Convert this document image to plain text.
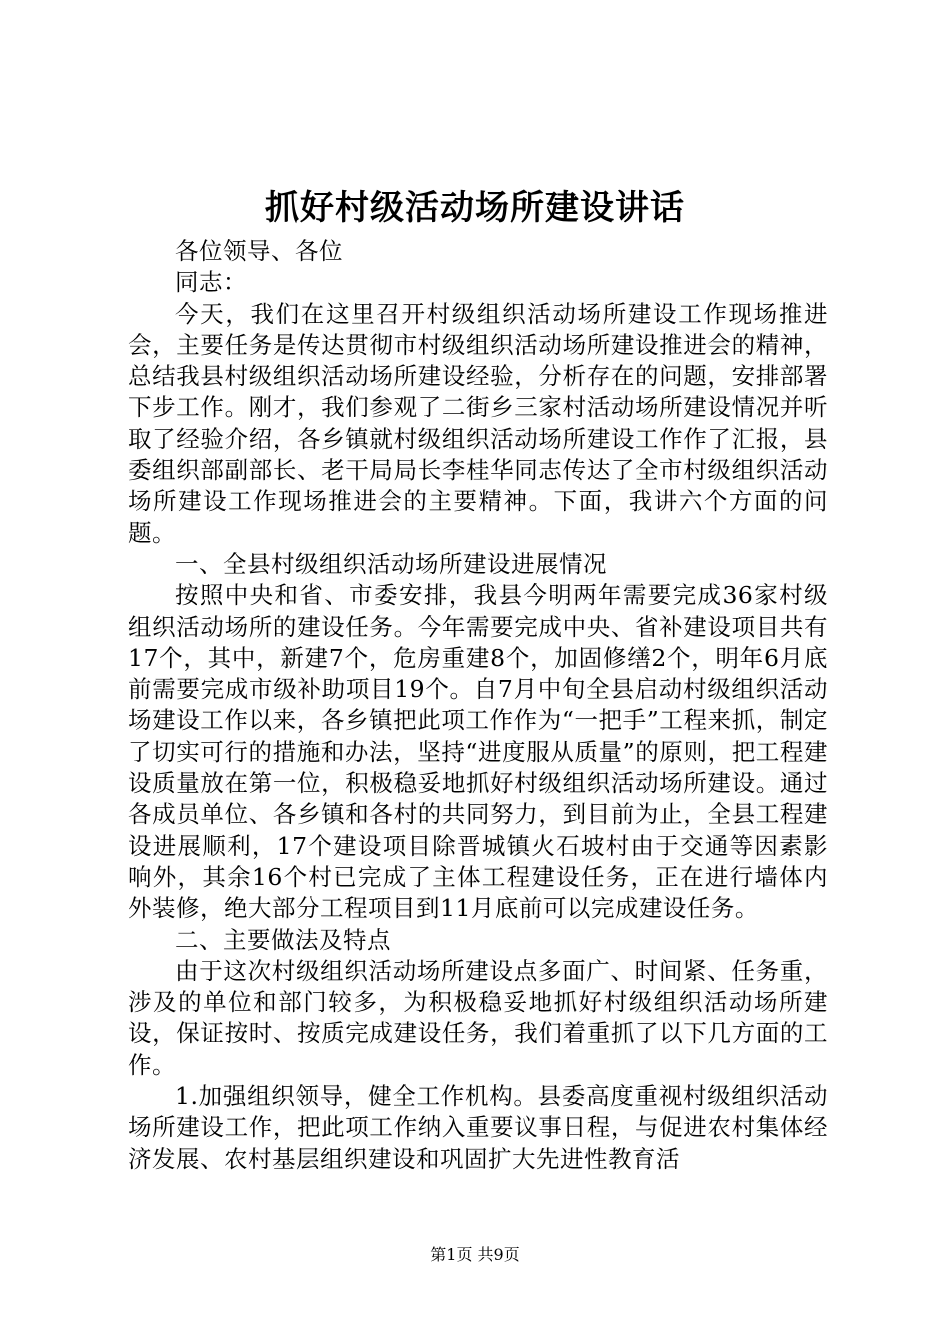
抓好村级活动场所建设讲话

各位领导、各位

同志：

今天，我们在这里召开村级组织活动场所建设工作现场推进会，主要任务是传达贯彻市村级组织活动场所建设推进会的精神，总结我县村级组织活动场所建设经验，分析存在的问题，安排部署下步工作。刚才，我们参观了二街乡三家村活动场所建设情况并听取了经验介绍，各乡镇就村级组织活动场所建设工作作了汇报，县委组织部副部长、老干局局长李桂华同志传达了全市村级组织活动场所建设工作现场推进会的主要精神。下面，我讲六个方面的问题。

一、全县村级组织活动场所建设进展情况

按照中央和省、市委安排，我县今明两年需要完成36家村级组织活动场所的建设任务。今年需要完成中央、省补建设项目共有17个，其中，新建7个，危房重建8个，加固修缮2个，明年6月底前需要完成市级补助项目19个。自7月中旬全县启动村级组织活动场建设工作以来，各乡镇把此项工作作为“一把手”工程来抓，制定了切实可行的措施和办法，坚持“进度服从质量”的原则，把工程建设质量放在第一位，积极稳妥地抓好村级组织活动场所建设。通过各成员单位、各乡镇和各村的共同努力，到目前为止，全县工程建设进展顺利，17个建设项目除晋城镇火石坡村由于交通等因素影响外，其余16个村已完成了主体工程建设任务，正在进行墙体内外装修，绝大部分工程项目到11月底前可以完成建设任务。

二、主要做法及特点

由于这次村级组织活动场所建设点多面广、时间紧、任务重，涉及的单位和部门较多，为积极稳妥地抓好村级组织活动场所建设，保证按时、按质完成建设任务，我们着重抓了以下几方面的工作。

1.加强组织领导，健全工作机构。县委高度重视村级组织活动场所建设工作，把此项工作纳入重要议事日程，与促进农村集体经济发展、农村基层组织建设和巩固扩大先进性教育活

第1页 共9页
